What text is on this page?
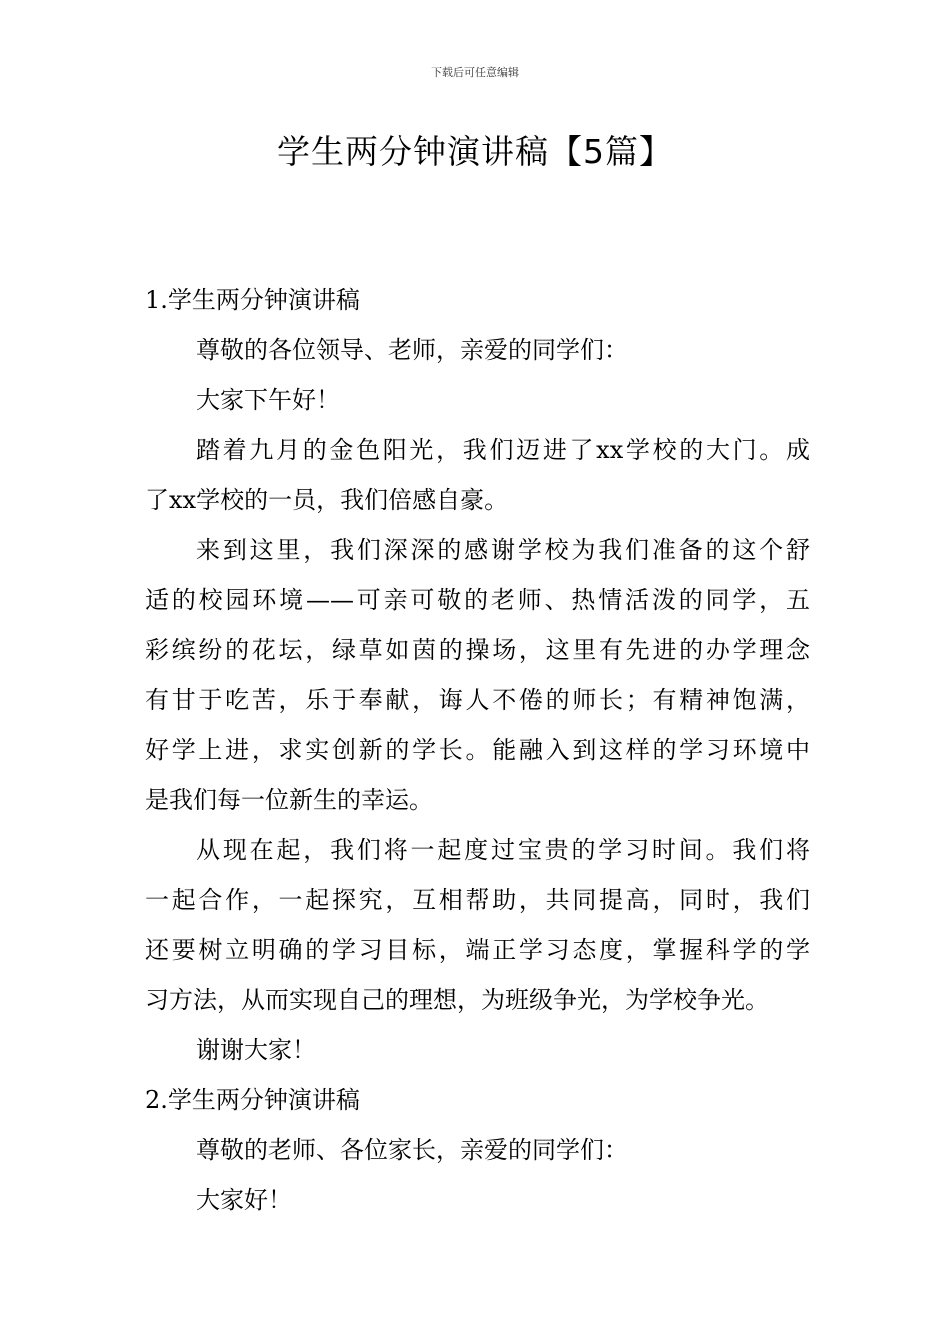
下载后可任意编辑
学生两分钟演讲稿【5篇】
1.学生两分钟演讲稿
尊敬的各位领导、老师，亲爱的同学们：
大家下午好！
踏着九月的金色阳光，我们迈进了xx学校的大门。成
了xx学校的一员，我们倍感自豪。
来到这里，我们深深的感谢学校为我们准备的这个舒
适的校园环境——可亲可敬的老师、热情活泼的同学，五
彩缤纷的花坛，绿草如茵的操场，这里有先进的办学理念
有甘于吃苦，乐于奉献，诲人不倦的师长；有精神饱满，
好学上进，求实创新的学长。能融入到这样的学习环境中
是我们每一位新生的幸运。
从现在起，我们将一起度过宝贵的学习时间。我们将
一起合作，一起探究，互相帮助，共同提高，同时，我们
还要树立明确的学习目标，端正学习态度，掌握科学的学
习方法，从而实现自己的理想，为班级争光，为学校争光。
谢谢大家！
2.学生两分钟演讲稿
尊敬的老师、各位家长，亲爱的同学们：
大家好！
